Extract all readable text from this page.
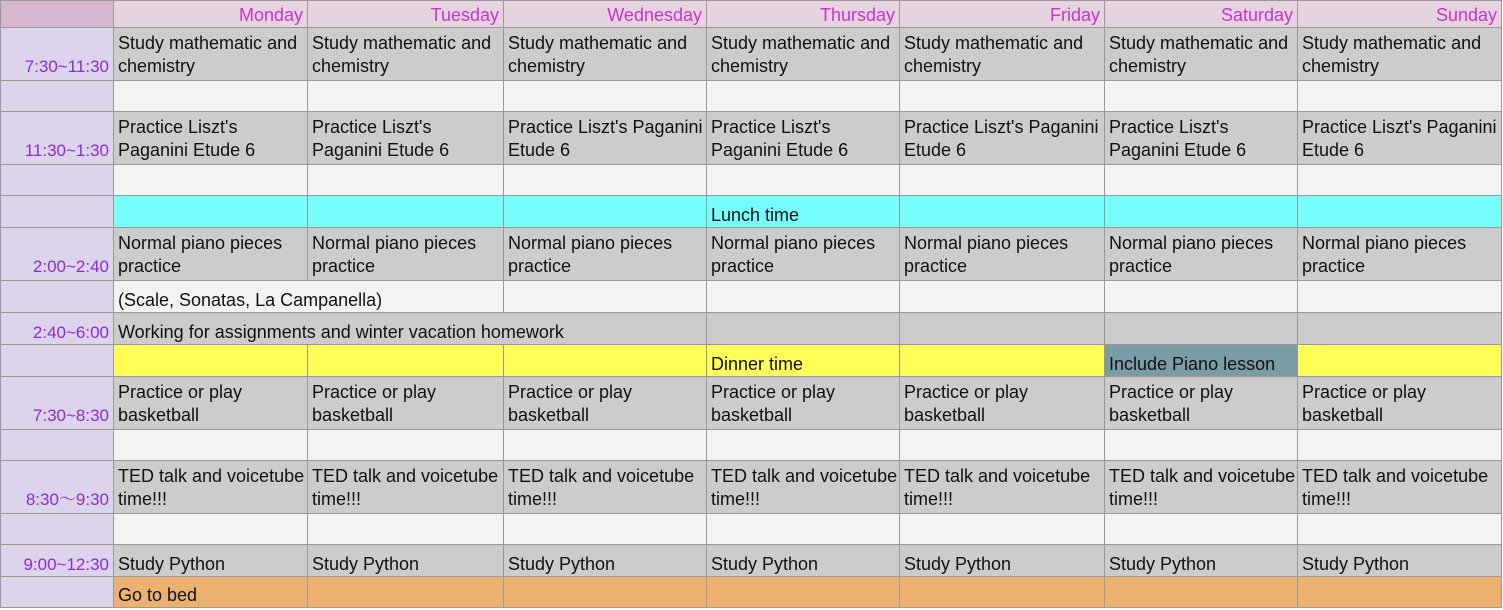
	Monday	Tuesday	Wednesday	Thursday	Friday	Saturday	Sunday
7:30~11:30	Study mathematic and chemistry	Study mathematic and chemistry	Study mathematic and chemistry	Study mathematic and chemistry	Study mathematic and chemistry	Study mathematic and chemistry	Study mathematic and chemistry

11:30~1:30	Practice Liszt's Paganini Etude 6	Practice Liszt's Paganini Etude 6	Practice Liszt's Paganini Etude 6	Practice Liszt's Paganini Etude 6	Practice Liszt's Paganini Etude 6	Practice Liszt's Paganini Etude 6	Practice Liszt's Paganini Etude 6

				Lunch time			
2:00~2:40	Normal piano pieces practice	Normal piano pieces practice	Normal piano pieces practice	Normal piano pieces practice	Normal piano pieces practice	Normal piano pieces practice	Normal piano pieces practice
	(Scale, Sonatas, La Campanella)						
2:40~6:00	Working for assignments and winter vacation homework						
				Dinner time		Include Piano lesson	
7:30~8:30	Practice or play basketball	Practice or play basketball	Practice or play basketball	Practice or play basketball	Practice or play basketball	Practice or play basketball	Practice or play basketball

8:30～9:30	TED talk and voicetube time!!!	TED talk and voicetube time!!!	TED talk and voicetube time!!!	TED talk and voicetube time!!!	TED talk and voicetube time!!!	TED talk and voicetube time!!!	TED talk and voicetube time!!!

9:00~12:30	Study Python	Study Python	Study Python	Study Python	Study Python	Study Python	Study Python
	Go to bed						
